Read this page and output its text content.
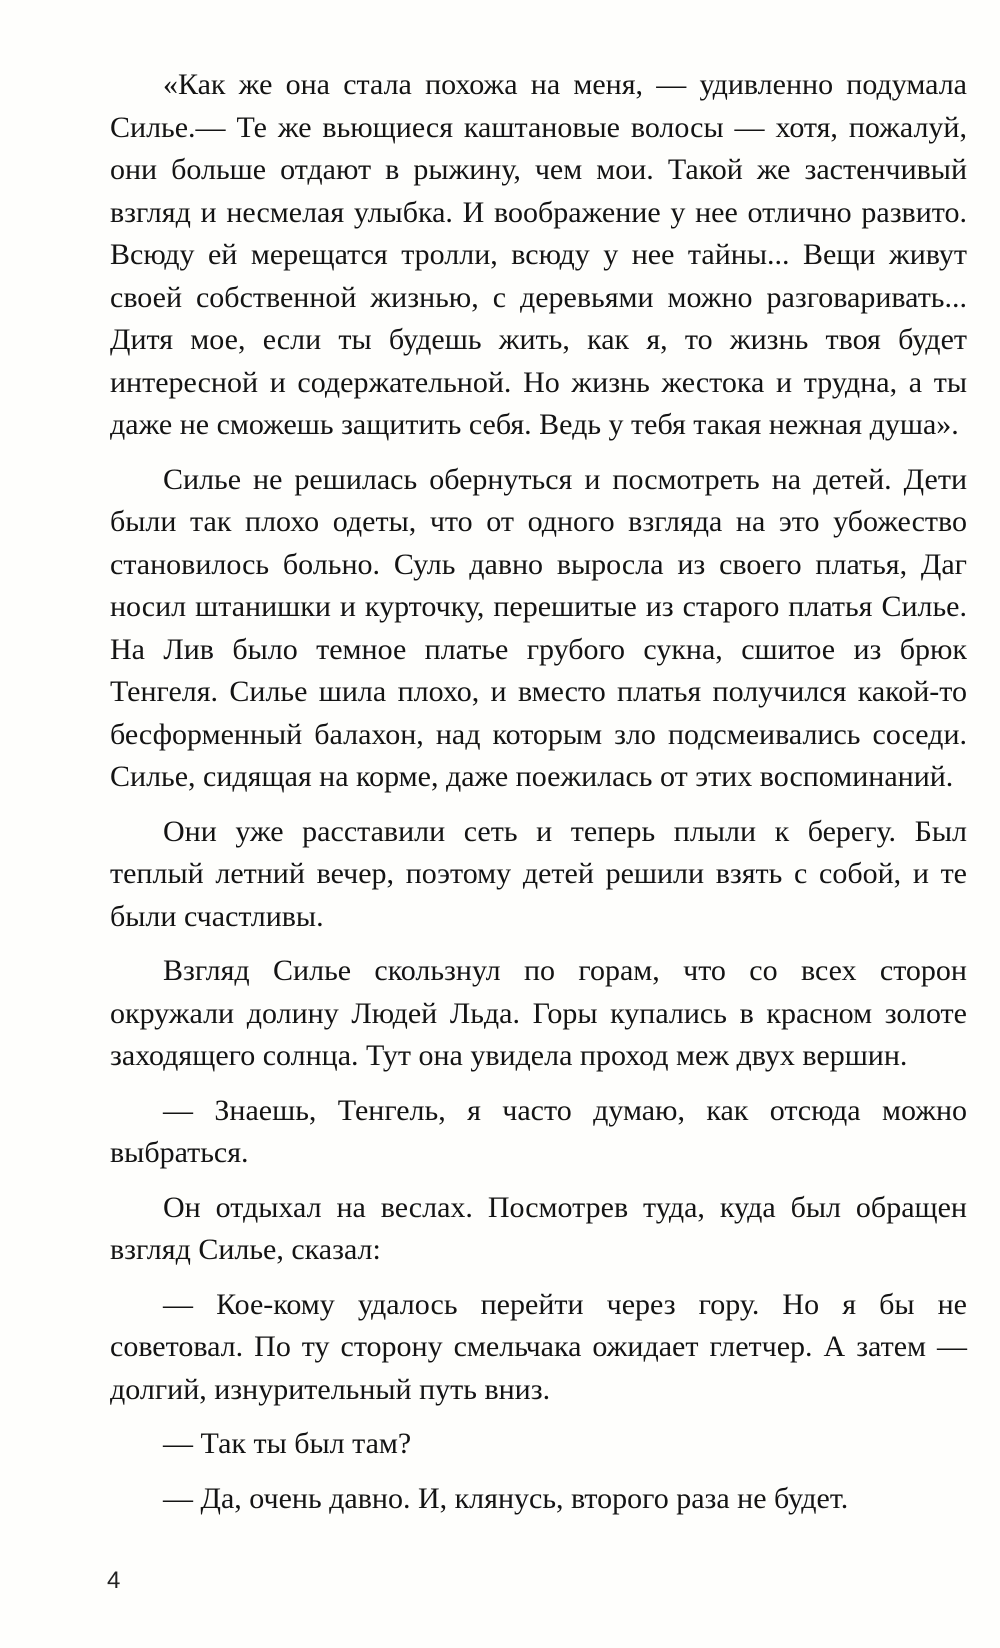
«Как же она стала похожа на меня, — удивленно подумала Силье.— Те же вьющиеся каштановые волосы — хотя, пожалуй, они больше отдают в рыжину, чем мои. Такой же застенчивый взгляд и несмелая улыбка. И воображение у нее отлично развито. Всюду ей мерещатся тролли, всюду у нее тайны... Вещи живут своей собственной жизнью, с деревьями можно разговаривать... Дитя мое, если ты будешь жить, как я, то жизнь твоя будет интересной и содержательной. Но жизнь жестока и трудна, а ты даже не сможешь защитить себя. Ведь у тебя такая нежная душа».

Силье не решилась обернуться и посмотреть на детей. Дети были так плохо одеты, что от одного взгляда на это убожество становилось больно. Суль давно выросла из своего платья, Даг носил штанишки и курточку, перешитые из старого платья Силье. На Лив было темное платье грубого сукна, сшитое из брюк Тенгеля. Силье шила плохо, и вместо платья получился какой-то бесформенный балахон, над которым зло подсмеивались соседи. Силье, сидящая на корме, даже поежилась от этих воспоминаний.

Они уже расставили сеть и теперь плыли к берегу. Был теплый летний вечер, поэтому детей решили взять с собой, и те были счастливы.

Взгляд Силье скользнул по горам, что со всех сторон окружали долину Людей Льда. Горы купались в красном золоте заходящего солнца. Тут она увидела проход меж двух вершин.

— Знаешь, Тенгель, я часто думаю, как отсюда можно выбраться.

Он отдыхал на веслах. Посмотрев туда, куда был обращен взгляд Силье, сказал:

— Кое-кому удалось перейти через гору. Но я бы не советовал. По ту сторону смельчака ожидает глетчер. А затем — долгий, изнурительный путь вниз.

— Так ты был там?

— Да, очень давно. И, клянусь, второго раза не будет.

4
